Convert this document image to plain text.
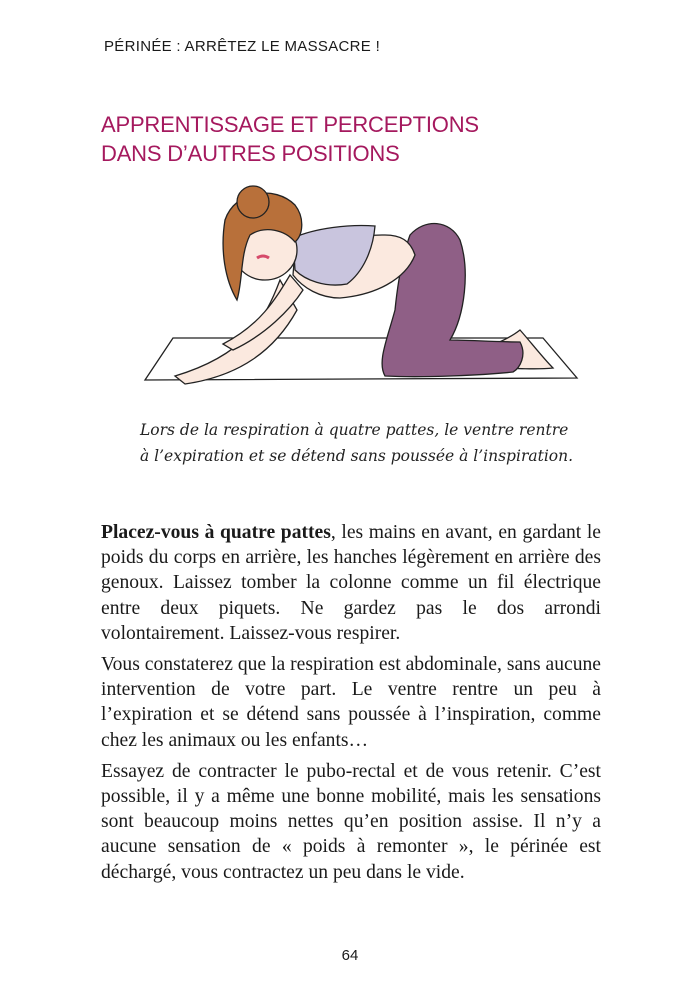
PÉRINÉE : ARRÊTEZ LE MASSACRE !
APPRENTISSAGE ET PERCEPTIONS
DANS D’AUTRES POSITIONS
Lors de la respiration à quatre pattes, le ventre rentre
à l’expiration et se détend sans poussée à l’inspiration.

Placez-vous à quatre pattes, les mains en avant, en gardant le poids du corps en arrière, les hanches légèrement en arrière des genoux. Laissez tomber la colonne comme un fil électrique entre deux piquets. Ne gardez pas le dos arrondi volontairement. Laissez-vous respirer.

Vous constaterez que la respiration est abdominale, sans aucune intervention de votre part. Le ventre rentre un peu à l’expiration et se détend sans poussée à l’inspiration, comme chez les animaux ou les enfants…

Essayez de contracter le pubo-rectal et de vous retenir. C’est possible, il y a même une bonne mobilité, mais les sensations sont beaucoup moins nettes qu’en position assise. Il n’y a aucune sensation de « poids à remonter », le périnée est déchargé, vous contractez un peu dans le vide.

64
